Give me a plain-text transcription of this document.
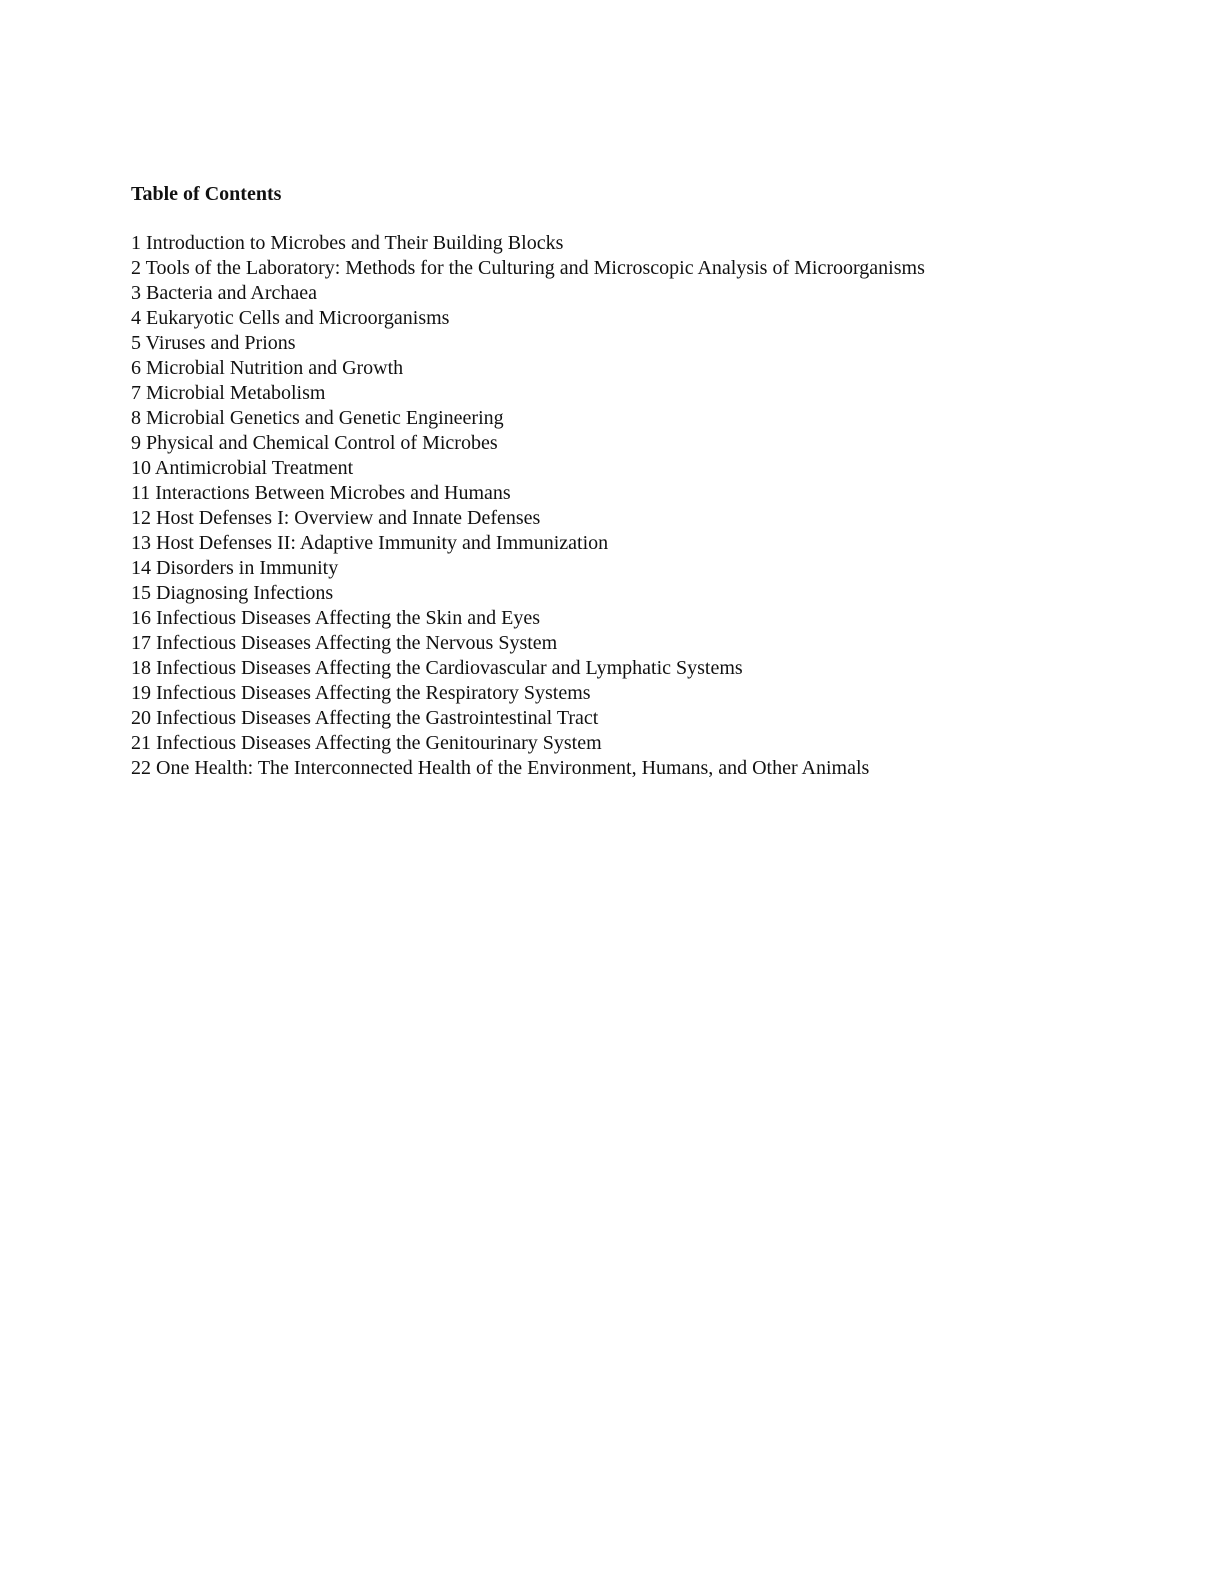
Table of Contents
1 Introduction to Microbes and Their Building Blocks
2 Tools of the Laboratory: Methods for the Culturing and Microscopic Analysis of Microorganisms
3 Bacteria and Archaea
4 Eukaryotic Cells and Microorganisms
5 Viruses and Prions
6 Microbial Nutrition and Growth
7 Microbial Metabolism
8 Microbial Genetics and Genetic Engineering
9 Physical and Chemical Control of Microbes
10 Antimicrobial Treatment
11 Interactions Between Microbes and Humans
12 Host Defenses I: Overview and Innate Defenses
13 Host Defenses II: Adaptive Immunity and Immunization
14 Disorders in Immunity
15 Diagnosing Infections
16 Infectious Diseases Affecting the Skin and Eyes
17 Infectious Diseases Affecting the Nervous System
18 Infectious Diseases Affecting the Cardiovascular and Lymphatic Systems
19 Infectious Diseases Affecting the Respiratory Systems
20 Infectious Diseases Affecting the Gastrointestinal Tract
21 Infectious Diseases Affecting the Genitourinary System
22 One Health: The Interconnected Health of the Environment, Humans, and Other Animals
